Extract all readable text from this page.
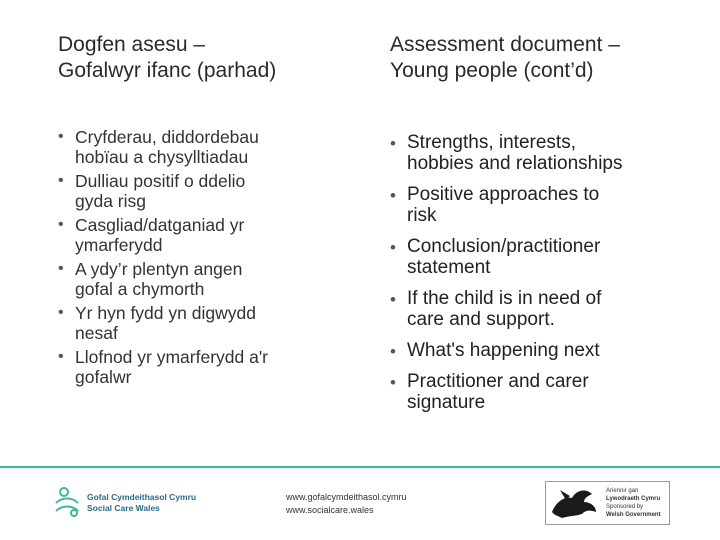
Dogfen asesu –
Gofalwyr ifanc (parhad)
Assessment document –
Young people (cont’d)
• Cryfderau, diddordebau
hobïau a chysylltiadau
• Dulliau positif o ddelio
gyda risg
• Casgliad/datganiad yr
ymarferydd
• A ydy’r plentyn angen
gofal a chymorth
• Yr hyn fydd yn digwydd
nesaf
• Llofnod yr ymarferydd a'r
gofalwr
• Strengths, interests,
hobbies and relationships
• Positive approaches to
risk
• Conclusion/practitioner
statement
• If the child is in need of
care and support.
• What's happening next
• Practitioner and carer
signature
Gofal Cymdeithasol Cymru
Social Care Wales
www.gofalcymdeithasol.cymru
www.socialcare.wales
Ariennir gan
Lywodraeth Cymru
Sponsored by
Welsh Government
